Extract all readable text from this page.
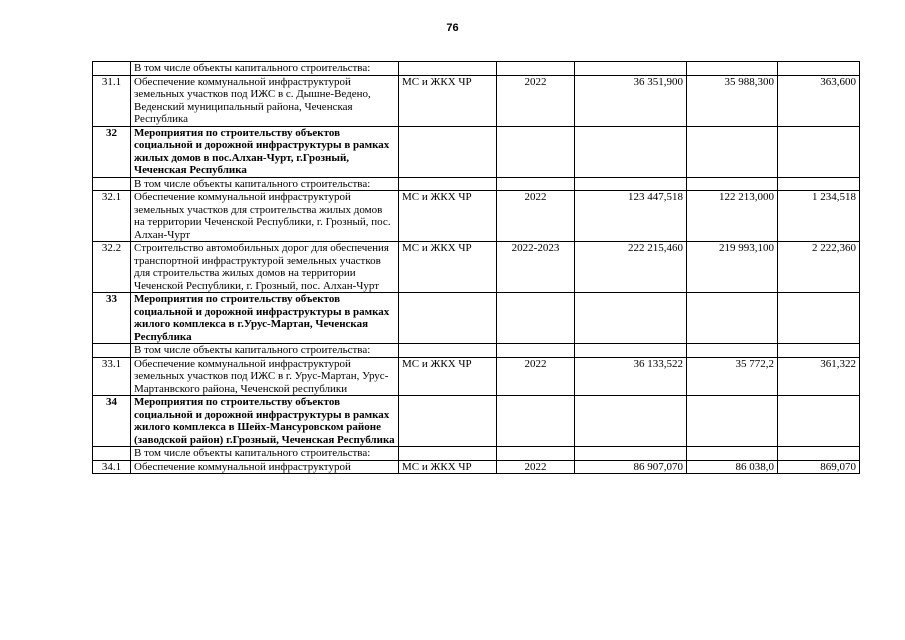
76
	В том числе объекты капитального строительства:					
31.1	Обеспечение коммунальной инфраструктурой земельных участков под ИЖС в с. Дышне-Ведено, Веденский муниципальный района, Чеченская Республика	МС и ЖКХ ЧР	2022	36 351,900	35 988,300	363,600
32	Мероприятия по строительству объектов социальной и дорожной инфраструктуры в рамках жилых домов в пос.Алхан-Чурт, г.Грозный, Чеченская Республика					
	В том числе объекты капитального строительства:					
32.1	Обеспечение коммунальной инфраструктурой земельных участков для строительства жилых домов на территории Чеченской Республики, г. Грозный, пос. Алхан-Чурт	МС и ЖКХ ЧР	2022	123 447,518	122 213,000	1 234,518
32.2	Строительство автомобильных дорог для обеспечения транспортной инфраструктурой земельных участков для строительства жилых домов на территории Чеченской Республики, г. Грозный, пос. Алхан-Чурт	МС и ЖКХ ЧР	2022-2023	222 215,460	219 993,100	2 222,360
33	Мероприятия по строительству объектов социальной и дорожной инфраструктуры в рамках жилого комплекса в г.Урус-Мартан, Чеченская Республика					
	В том числе объекты капитального строительства:					
33.1	Обеспечение коммунальной инфраструктурой земельных участков под ИЖС в г. Урус-Мартан, Урус-Мартанвского района, Чеченской республики	МС и ЖКХ ЧР	2022	36 133,522	35 772,2	361,322
34	Мероприятия по строительству объектов социальной и дорожной инфраструктуры в рамках жилого комплекса в Шейх-Мансуровском районе (заводской район) г.Грозный, Чеченская Республика					
	В том числе объекты капитального строительства:					
34.1	Обеспечение коммунальной инфраструктурой	МС и ЖКХ ЧР	2022	86 907,070	86 038,0	869,070
